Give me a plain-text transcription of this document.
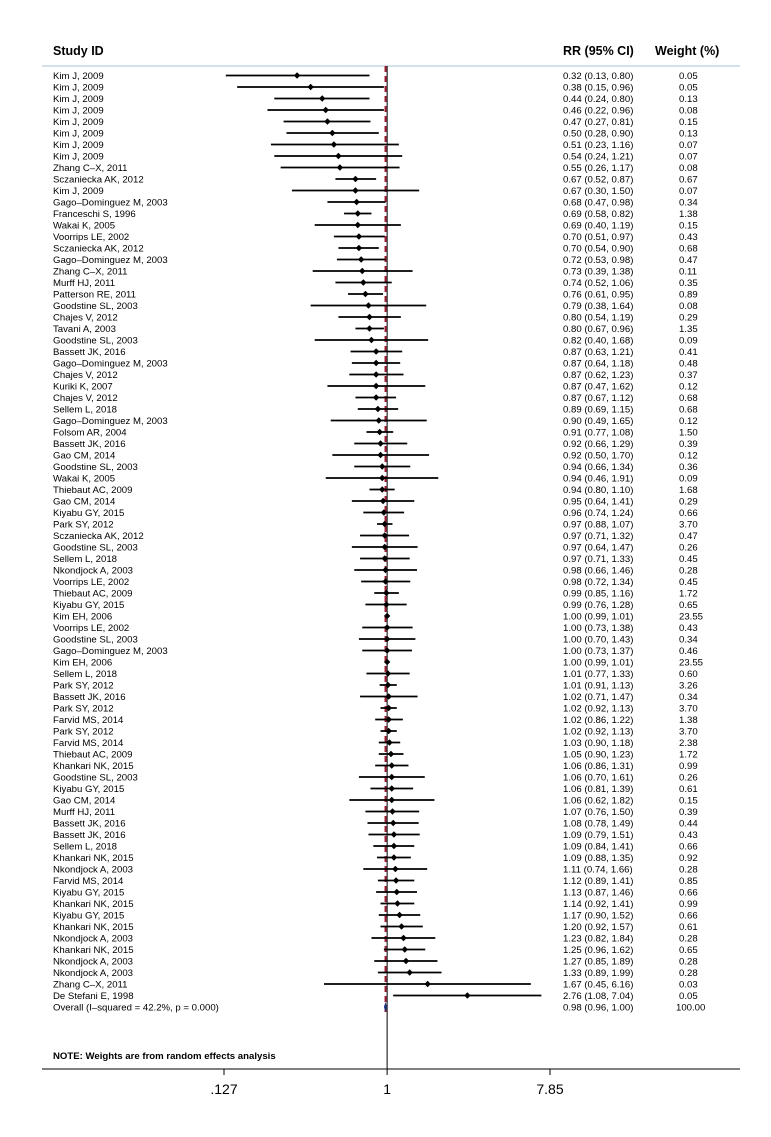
Study ID	RR (95% CI) Weight (%)
Kim J, 2009	0.32 (0.13, 0.80)	0.05
Kim J, 2009	0.38 (0.15, 0.96)	0.05
Kim J, 2009	0.44 (0.24, 0.80)	0.13
Kim J, 2009	0.46 (0.22, 0.96)	0.08
Kim J, 2009	0.47 (0.27, 0.81)	0.15
Kim J, 2009	0.50 (0.28, 0.90)	0.13
Kim J, 2009	0.51 (0.23, 1.16)	0.07
Kim J, 2009	0.54 (0.24, 1.21)	0.07
Zhang C–X, 2011	0.55 (0.26, 1.17)	0.08
Sczaniecka AK, 2012	0.67 (0.52, 0.87)	0.67
Kim J, 2009	0.67 (0.30, 1.50)	0.07
Gago–Dominguez M, 2003	0.68 (0.47, 0.98)	0.34
Franceschi S, 1996	0.69 (0.58, 0.82)	1.38
Wakai K, 2005	0.69 (0.40, 1.19)	0.15
Voorrips LE, 2002	0.70 (0.51, 0.97)	0.43
Sczaniecka AK, 2012	0.70 (0.54, 0.90)	0.68
Gago–Dominguez M, 2003	0.72 (0.53, 0.98)	0.47
Zhang C–X, 2011	0.73 (0.39, 1.38)	0.11
Murff HJ, 2011	0.74 (0.52, 1.06)	0.35
Patterson RE, 2011	0.76 (0.61, 0.95)	0.89
Goodstine SL, 2003	0.79 (0.38, 1.64)	0.08
Chajes V, 2012	0.80 (0.54, 1.19)	0.29
Tavani A, 2003	0.80 (0.67, 0.96)	1.35
Goodstine SL, 2003	0.82 (0.40, 1.68)	0.09
Bassett JK, 2016	0.87 (0.63, 1.21)	0.41
Gago–Dominguez M, 2003	0.87 (0.64, 1.18)	0.48
Chajes V, 2012	0.87 (0.62, 1.23)	0.37
Kuriki K, 2007	0.87 (0.47, 1.62)	0.12
Chajes V, 2012	0.87 (0.67, 1.12)	0.68
Sellem L, 2018	0.89 (0.69, 1.15)	0.68
Gago–Dominguez M, 2003	0.90 (0.49, 1.65)	0.12
Folsom AR, 2004	0.91 (0.77, 1.08)	1.50
Bassett JK, 2016	0.92 (0.66, 1.29)	0.39
Gao CM, 2014	0.92 (0.50, 1.70)	0.12
Goodstine SL, 2003	0.94 (0.66, 1.34)	0.36
Wakai K, 2005	0.94 (0.46, 1.91)	0.09
Thiebaut AC, 2009	0.94 (0.80, 1.10)	1.68
Gao CM, 2014	0.95 (0.64, 1.41)	0.29
Kiyabu GY, 2015	0.96 (0.74, 1.24)	0.66
Park SY, 2012	0.97 (0.88, 1.07)	3.70
Sczaniecka AK, 2012	0.97 (0.71, 1.32)	0.47
Goodstine SL, 2003	0.97 (0.64, 1.47)	0.26
Sellem L, 2018	0.97 (0.71, 1.33)	0.45
Nkondjock A, 2003	0.98 (0.66, 1.46)	0.28
Voorrips LE, 2002	0.98 (0.72, 1.34)	0.45
Thiebaut AC, 2009	0.99 (0.85, 1.16)	1.72
Kiyabu GY, 2015	0.99 (0.76, 1.28)	0.65
Kim EH, 2006	1.00 (0.99, 1.01)	23.55
Voorrips LE, 2002	1.00 (0.73, 1.38)	0.43
Goodstine SL, 2003	1.00 (0.70, 1.43)	0.34
Gago–Dominguez M, 2003	1.00 (0.73, 1.37)	0.46
Kim EH, 2006	1.00 (0.99, 1.01)	23.55
Sellem L, 2018	1.01 (0.77, 1.33)	0.60
Park SY, 2012	1.01 (0.91, 1.13)	3.26
Bassett JK, 2016	1.02 (0.71, 1.47)	0.34
Park SY, 2012	1.02 (0.92, 1.13)	3.70
Farvid MS, 2014	1.02 (0.86, 1.22)	1.38
Park SY, 2012	1.02 (0.92, 1.13)	3.70
Farvid MS, 2014	1.03 (0.90, 1.18)	2.38
Thiebaut AC, 2009	1.05 (0.90, 1.23)	1.72
Khankari NK, 2015	1.06 (0.86, 1.31)	0.99
Goodstine SL, 2003	1.06 (0.70, 1.61)	0.26
Kiyabu GY, 2015	1.06 (0.81, 1.39)	0.61
Gao CM, 2014	1.06 (0.62, 1.82)	0.15
Murff HJ, 2011	1.07 (0.76, 1.50)	0.39
Bassett JK, 2016	1.08 (0.78, 1.49)	0.44
Bassett JK, 2016	1.09 (0.79, 1.51)	0.43
Sellem L, 2018	1.09 (0.84, 1.41)	0.66
Khankari NK, 2015	1.09 (0.88, 1.35)	0.92
Nkondjock A, 2003	1.11 (0.74, 1.66)	0.28
Farvid MS, 2014	1.12 (0.89, 1.41)	0.85
Kiyabu GY, 2015	1.13 (0.87, 1.46)	0.66
Khankari NK, 2015	1.14 (0.92, 1.41)	0.99
Kiyabu GY, 2015	1.17 (0.90, 1.52)	0.66
Khankari NK, 2015	1.20 (0.92, 1.57)	0.61
Nkondjock A, 2003	1.23 (0.82, 1.84)	0.28
Khankari NK, 2015	1.25 (0.96, 1.62)	0.65
Nkondjock A, 2003	1.27 (0.85, 1.89)	0.28
Nkondjock A, 2003	1.33 (0.89, 1.99)	0.28
Zhang C–X, 2011	1.67 (0.45, 6.16)	0.03
De Stefani E, 1998	2.76 (1.08, 7.04)	0.05
Overall (I–squared = 42.2%, p = 0.000)	0.98 (0.96, 1.00)	100.00
NOTE: Weights are from random effects analysis
.127	1	7.85
